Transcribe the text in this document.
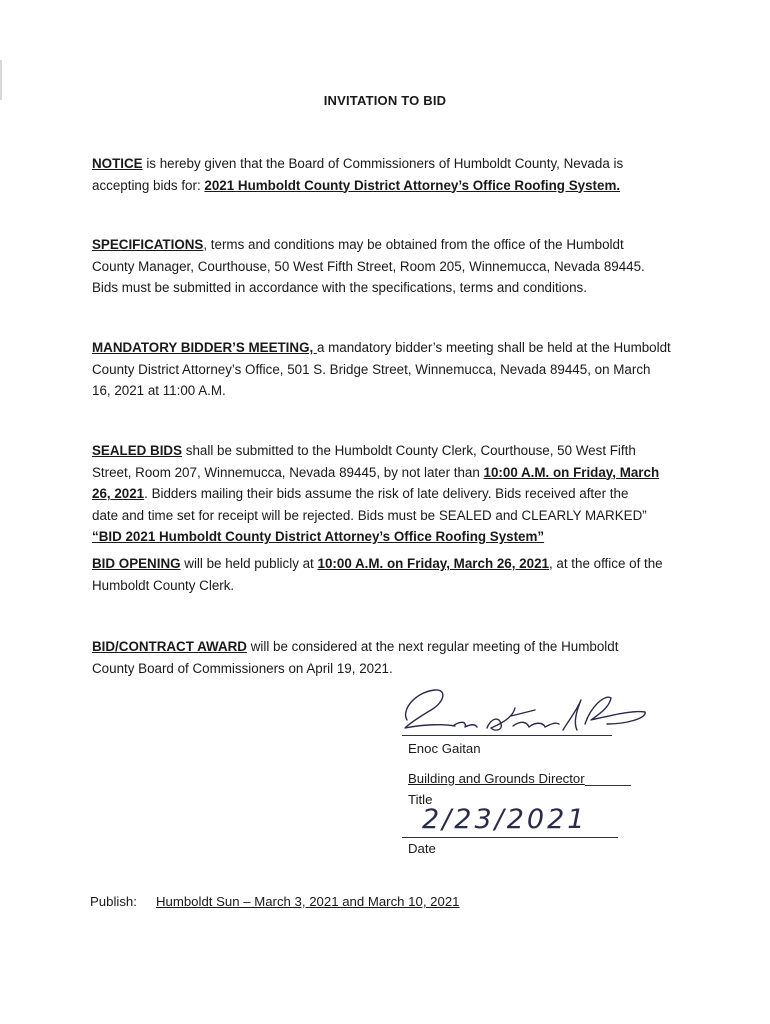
INVITATION TO BID
NOTICE is hereby given that the Board of Commissioners of Humboldt County, Nevada is
accepting bids for: 2021 Humboldt County District Attorney’s Office Roofing System.
SPECIFICATIONS, terms and conditions may be obtained from the office of the Humboldt
County Manager, Courthouse, 50 West Fifth Street, Room 205, Winnemucca, Nevada 89445.
Bids must be submitted in accordance with the specifications, terms and conditions.
MANDATORY BIDDER’S MEETING, a mandatory bidder’s meeting shall be held at the Humboldt
County District Attorney’s Office, 501 S. Bridge Street, Winnemucca, Nevada 89445, on March
16, 2021 at 11:00 A.M.
SEALED BIDS shall be submitted to the Humboldt County Clerk, Courthouse, 50 West Fifth
Street, Room 207, Winnemucca, Nevada 89445, by not later than 10:00 A.M. on Friday, March
26, 2021. Bidders mailing their bids assume the risk of late delivery. Bids received after the
date and time set for receipt will be rejected. Bids must be SEALED and CLEARLY MARKED”
“BID 2021 Humboldt County District Attorney’s Office Roofing System”
BID OPENING will be held publicly at 10:00 A.M. on Friday, March 26, 2021, at the office of the
Humboldt County Clerk.
BID/CONTRACT AWARD will be considered at the next regular meeting of the Humboldt
County Board of Commissioners on April 19, 2021.
Enoc Gaitan
Building and Grounds Director
Title
2/23/2021
Date
Publish: Humboldt Sun – March 3, 2021 and March 10, 2021
